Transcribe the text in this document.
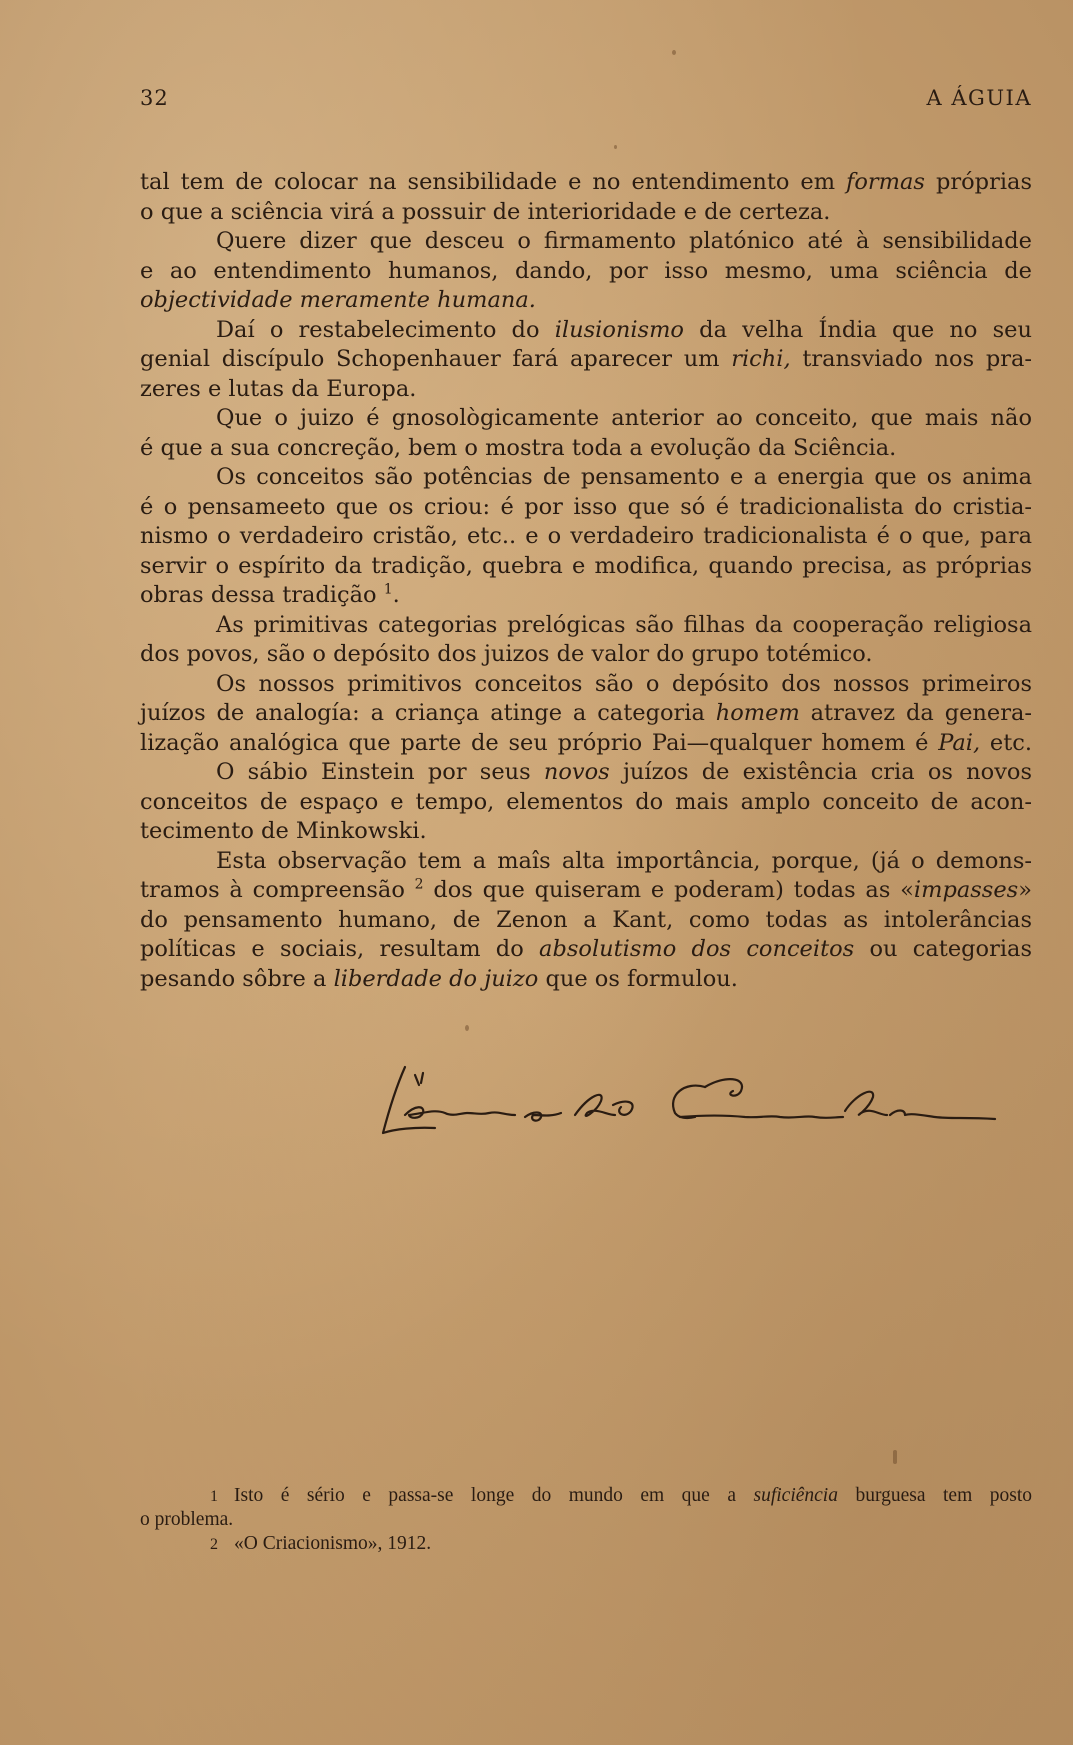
32	A ÁGUIA
tal tem de colocar na sensibilidade e no entendimento em formas próprias
o que a sciência virá a possuir de interioridade e de certeza.
Quere dizer que desceu o firmamento platónico até à sensibilidade
e ao entendimento humanos, dando, por isso mesmo, uma sciência de
objectividade meramente humana.
Daí o restabelecimento do ilusionismo da velha Índia que no seu
genial discípulo Schopenhauer fará aparecer um richi, transviado nos pra-
zeres e lutas da Europa.
Que o juizo é gnosològicamente anterior ao conceito, que mais não
é que a sua concreção, bem o mostra toda a evolução da Sciência.
Os conceitos são potências de pensamento e a energia que os anima
é o pensameeto que os criou: é por isso que só é tradicionalista do cristia-
nismo o verdadeiro cristão, etc.. e o verdadeiro tradicionalista é o que, para
servir o espírito da tradição, quebra e modifica, quando precisa, as próprias
obras dessa tradição $^1$.
As primitivas categorias prelógicas são filhas da cooperação religiosa
dos povos, são o depósito dos juizos de valor do grupo totémico.
Os nossos primitivos conceitos são o depósito dos nossos primeiros
juízos de analogía: a criança atinge a categoria homem atravez da genera-
lização analógica que parte de seu próprio Pai—qualquer homem é Pai, etc.
O sábio Einstein por seus novos juízos de existência cria os novos
conceitos de espaço e tempo, elementos do mais amplo conceito de acon-
tecimento de Minkowski.
Esta observação tem a maîs alta importância, porque, (já o demons-
tramos à compreensão $^2$ dos que quiseram e poderam) todas as «impasses»
do pensamento humano, de Zenon a Kant, como todas as intolerâncias
políticas e sociais, resultam do absolutismo dos conceitos ou categorias
pesando sôbre a liberdade do juizo que os formulou.
1 Isto é sério e passa-se longe do mundo em que a suficiência burguesa tem posto
o problema.
2 «O Criacionismo», 1912.
